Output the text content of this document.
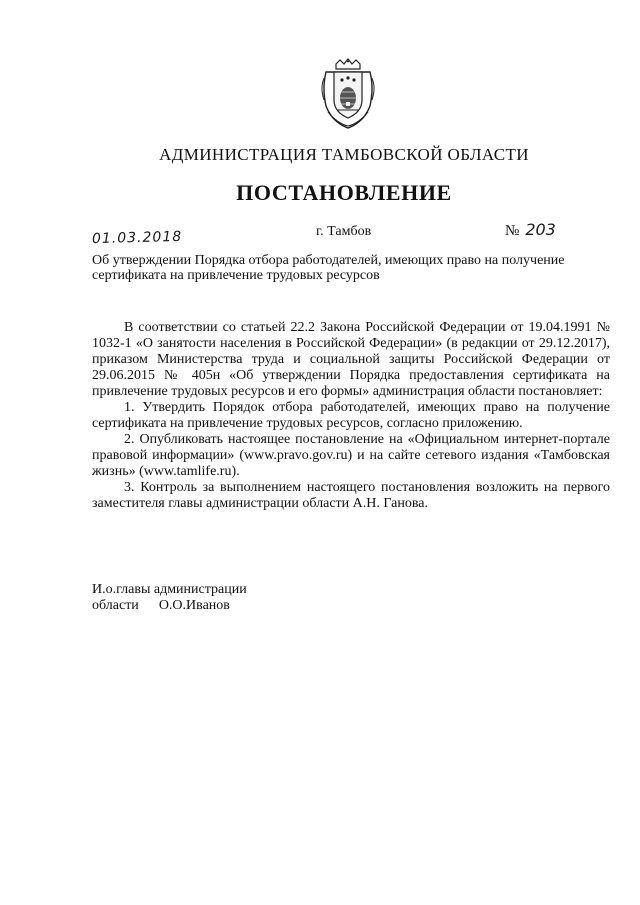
АДМИНИСТРАЦИЯ ТАМБОВСКОЙ ОБЛАСТИ
ПОСТАНОВЛЕНИЕ
01.03.2018	г. Тамбов	№ 203
Об утверждении Порядка отбора работодателей, имеющих право на получение
сертификата на привлечение трудовых ресурсов

В соответствии со статьей 22.2 Закона Российской Федерации от 19.04.1991 № 1032-1 «О занятости населения в Российской Федерации» (в редакции от 29.12.2017), приказом Министерства труда и социальной защиты Российской Федерации от 29.06.2015 № 405н «Об утверждении Порядка предоставления сертификата на привлечение трудовых ресурсов и его формы» администрация области постановляет:

1. Утвердить Порядок отбора работодателей, имеющих право на получение сертификата на привлечение трудовых ресурсов, согласно приложению.

2. Опубликовать настоящее постановление на «Официальном интернет-портале правовой информации» (www.pravo.gov.ru) и на сайте сетевого издания «Тамбовская жизнь» (www.tamlife.ru).

3. Контроль за выполнением настоящего постановления возложить на первого заместителя главы администрации области А.Н. Ганова.

И.о.главы администрации
области О.О.Иванов
